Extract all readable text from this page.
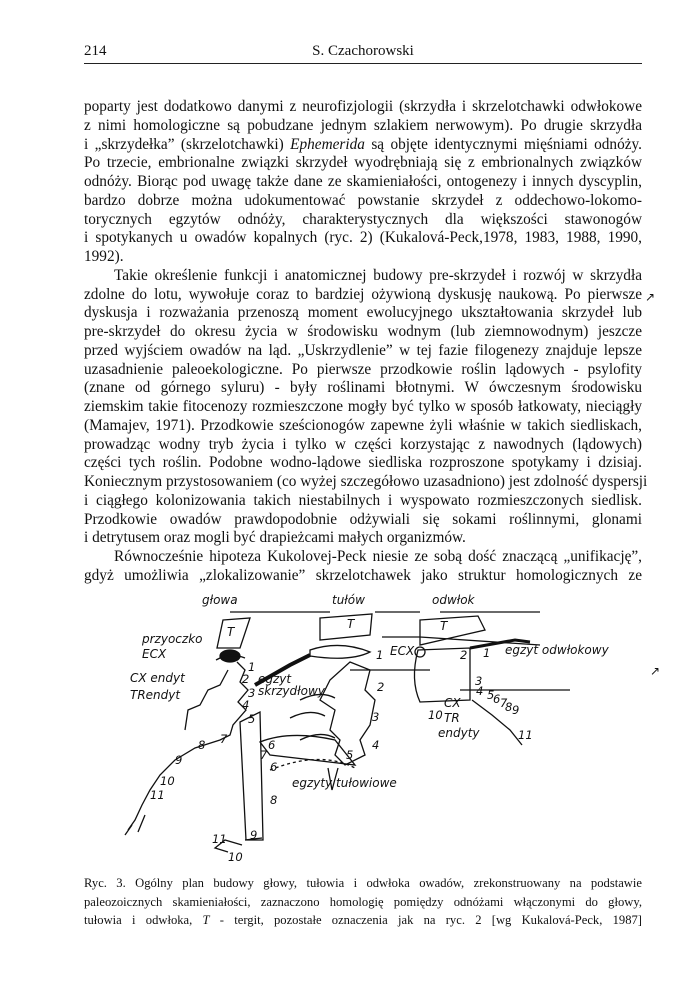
214	S. Czachorowski
poparty jest dodatkowo danymi z neurofizjologii (skrzydła i skrzelotchawki odwłokowe
z nimi homologiczne są pobudzane jednym szlakiem nerwowym). Po drugie skrzydła
i „skrzydełka” (skrzelotchawki) Ephemerida są objęte identycznymi mięśniami odnóży.
Po trzecie, embrionalne związki skrzydeł wyodrębniają się z embrionalnych związków
odnóży. Biorąc pod uwagę także dane ze skamieniałości, ontogenezy i innych dyscyplin,
bardzo dobrze można udokumentować powstanie skrzydeł z oddechowo-lokomo-
torycznych egzytów odnóży, charakterystycznych dla większości stawonogów
i spotykanych u owadów kopalnych (ryc. 2) (Kukalová-Peck,1978, 1983, 1988, 1990,
1992).
Takie określenie funkcji i anatomicznej budowy pre-skrzydeł i rozwój w skrzydła
zdolne do lotu, wywołuje coraz to bardziej ożywioną dyskusję naukową. Po pierwsze
dyskusja i rozważania przenoszą moment ewolucyjnego ukształtowania skrzydeł lub
pre-skrzydeł do okresu życia w środowisku wodnym (lub ziemnowodnym) jeszcze
przed wyjściem owadów na ląd. „Uskrzydlenie” w tej fazie filogenezy znajduje lepsze
uzasadnienie paleoekologiczne. Po pierwsze przodkowie roślin lądowych - psylofity
(znane od górnego syluru) - były roślinami błotnymi. W ówczesnym środowisku
ziemskim takie fitocenozy rozmieszczone mogły być tylko w sposób łatkowaty, nieciągły
(Mamajev, 1971). Przodkowie sześcionogów zapewne żyli właśnie w takich siedliskach,
prowadząc wodny tryb życia i tylko w części korzystając z nawodnych (lądowych)
części tych roślin. Podobne wodno-lądowe siedliska rozproszone spotykamy i dzisiaj.
Koniecznym przystosowaniem (co wyżej szczegółowo uzasadniono) jest zdolność dyspersji
i ciągłego kolonizowania takich niestabilnych i wyspowato rozmieszczonych siedlisk.
Przodkowie owadów prawdopodobnie odżywiali się sokami roślinnymi, glonami
i detrytusem oraz mogli być drapieżcami małych organizmów.
Równocześnie hipoteza Kukolovej-Peck niesie ze sobą dość znaczącą „unifikację”,
gdyż umożliwia „zlokalizowanie” skrzelotchawek jako struktur homologicznych ze
↗
↗
głowa	tułów	odwłok
T
T	T
przyoczko
ECX
CX endyt
TRendyt
egzyt skrzydłowy
ECX	egzyt odwłokowy
CX
TR
endyty
egzyty tułowiowe
1
2
3
4
5
6
7
8
9
10
11
1
2
3
4
5
6
7
8
9
10
11
1
2
3
4 5
6 7
8 9
10
11
Ryc. 3. Ogólny plan budowy głowy, tułowia i odwłoka owadów, zrekonstruowany na podstawie
paleozoicznych skamieniałości, zaznaczono homologię pomiędzy odnóżami włączonymi do głowy,
tułowia i odwłoka, T - tergit, pozostałe oznaczenia jak na ryc. 2 [wg Kukalová-Peck, 1987]
